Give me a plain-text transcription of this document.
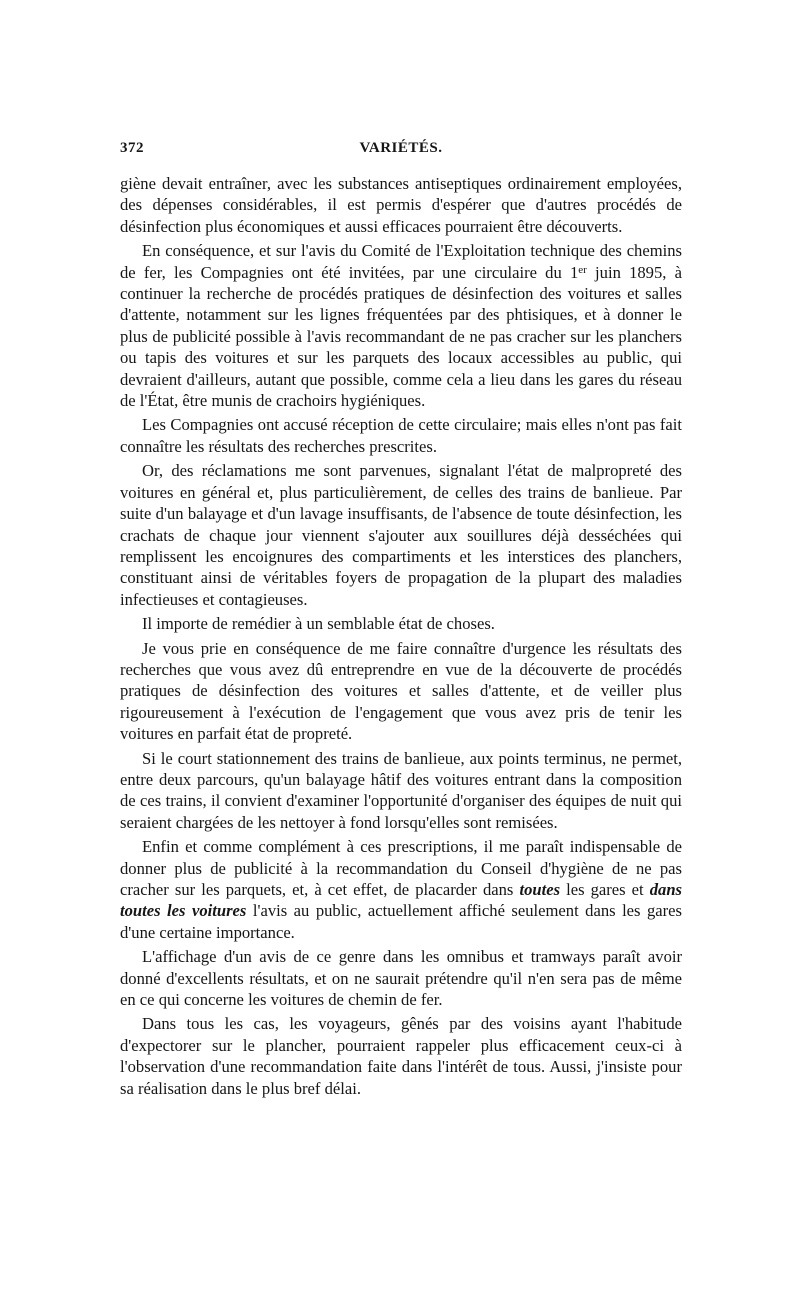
372	VARIÉTÉS.

giène devait entraîner, avec les substances antiseptiques ordinairement employées, des dépenses considérables, il est permis d'espérer que d'autres procédés de désinfection plus économiques et aussi efficaces pourraient être découverts.

En conséquence, et sur l'avis du Comité de l'Exploitation technique des chemins de fer, les Compagnies ont été invitées, par une circulaire du 1er juin 1895, à continuer la recherche de procédés pratiques de désinfection des voitures et salles d'attente, notamment sur les lignes fréquentées par des phtisiques, et à donner le plus de publicité possible à l'avis recommandant de ne pas cracher sur les planchers ou tapis des voitures et sur les parquets des locaux accessibles au public, qui devraient d'ailleurs, autant que possible, comme cela a lieu dans les gares du réseau de l'État, être munis de crachoirs hygiéniques.

Les Compagnies ont accusé réception de cette circulaire; mais elles n'ont pas fait connaître les résultats des recherches prescrites.

Or, des réclamations me sont parvenues, signalant l'état de malpropreté des voitures en général et, plus particulièrement, de celles des trains de banlieue. Par suite d'un balayage et d'un lavage insuffisants, de l'absence de toute désinfection, les crachats de chaque jour viennent s'ajouter aux souillures déjà desséchées qui remplissent les encoignures des compartiments et les interstices des planchers, constituant ainsi de véritables foyers de propagation de la plupart des maladies infectieuses et contagieuses.

Il importe de remédier à un semblable état de choses.

Je vous prie en conséquence de me faire connaître d'urgence les résultats des recherches que vous avez dû entreprendre en vue de la découverte de procédés pratiques de désinfection des voitures et salles d'attente, et de veiller plus rigoureusement à l'exécution de l'engagement que vous avez pris de tenir les voitures en parfait état de propreté.

Si le court stationnement des trains de banlieue, aux points terminus, ne permet, entre deux parcours, qu'un balayage hâtif des voitures entrant dans la composition de ces trains, il convient d'examiner l'opportunité d'organiser des équipes de nuit qui seraient chargées de les nettoyer à fond lorsqu'elles sont remisées.

Enfin et comme complément à ces prescriptions, il me paraît indispensable de donner plus de publicité à la recommandation du Conseil d'hygiène de ne pas cracher sur les parquets, et, à cet effet, de placarder dans toutes les gares et dans toutes les voitures l'avis au public, actuellement affiché seulement dans les gares d'une certaine importance.

L'affichage d'un avis de ce genre dans les omnibus et tramways paraît avoir donné d'excellents résultats, et on ne saurait prétendre qu'il n'en sera pas de même en ce qui concerne les voitures de chemin de fer.

Dans tous les cas, les voyageurs, gênés par des voisins ayant l'habitude d'expectorer sur le plancher, pourraient rappeler plus efficacement ceux-ci à l'observation d'une recommandation faite dans l'intérêt de tous. Aussi, j'insiste pour sa réalisation dans le plus bref délai.
